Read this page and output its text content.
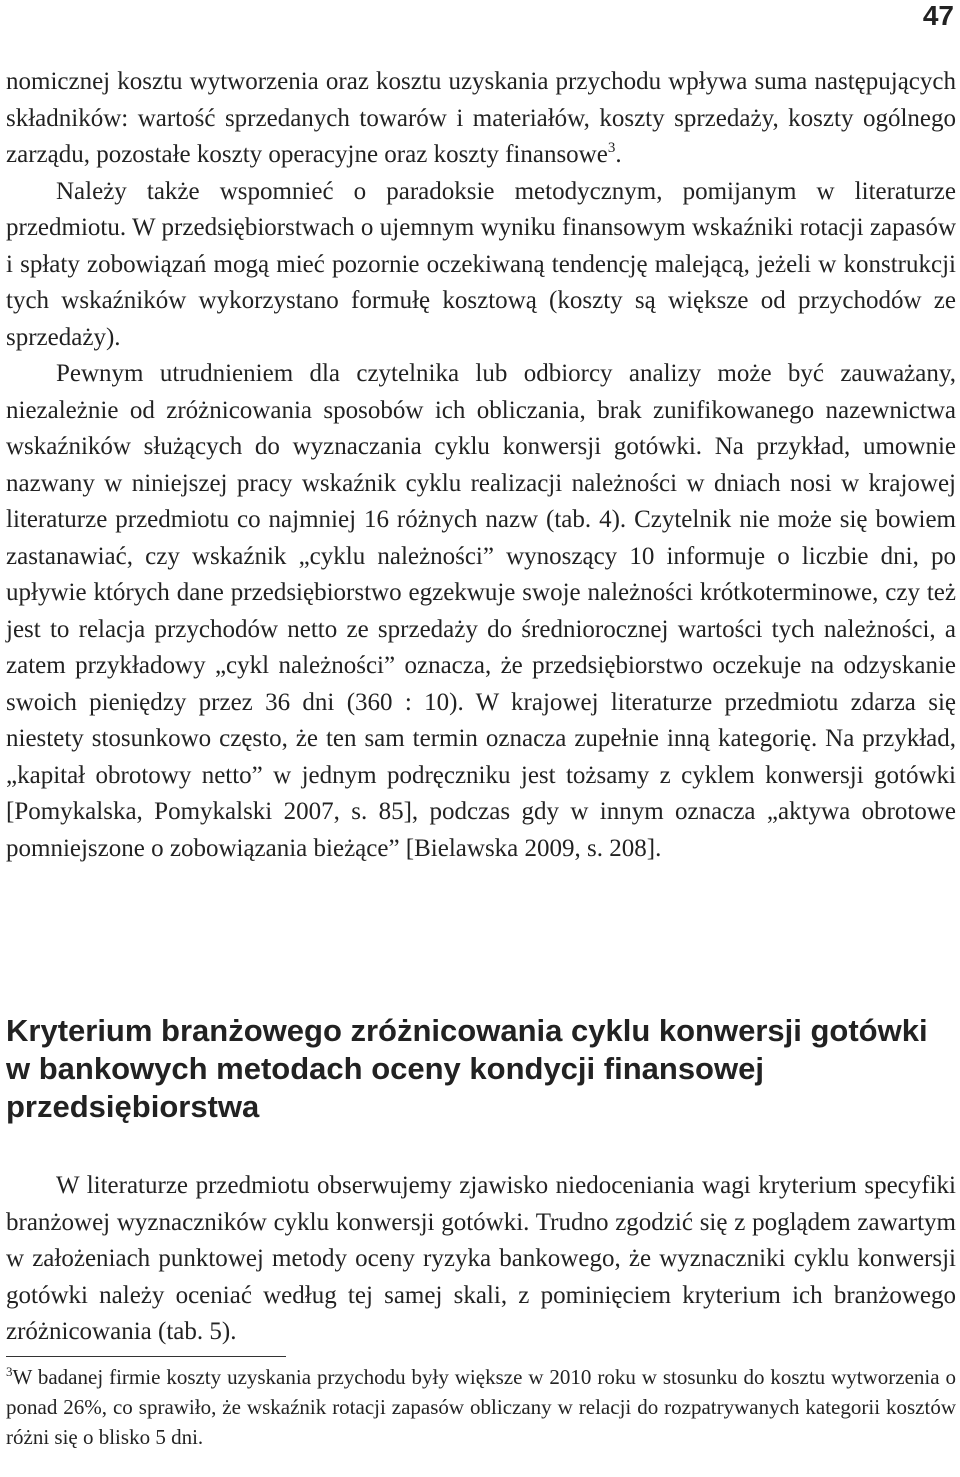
47

nomicznej kosztu wytworzenia oraz kosztu uzyskania przychodu wpływa suma następujących składników: wartość sprzedanych towarów i materiałów, koszty sprzedaży, koszty ogólnego zarządu, pozostałe koszty operacyjne oraz koszty finansowe$^3$.

Należy także wspomnieć o paradoksie metodycznym, pomijanym w literaturze przedmiotu. W przedsiębiorstwach o ujemnym wyniku finansowym wskaźniki rotacji zapasów i spłaty zobowiązań mogą mieć pozornie oczekiwaną tendencję malejącą, jeżeli w konstrukcji tych wskaźników wykorzystano formułę kosztową (koszty są większe od przychodów ze sprzedaży).

Pewnym utrudnieniem dla czytelnika lub odbiorcy analizy może być zauważany, niezależnie od zróżnicowania sposobów ich obliczania, brak zunifikowanego nazewnictwa wskaźników służących do wyznaczania cyklu konwersji gotówki. Na przykład, umownie nazwany w niniejszej pracy wskaźnik cyklu realizacji należności w dniach nosi w krajowej literaturze przedmiotu co najmniej 16 różnych nazw (tab. 4). Czytelnik nie może się bowiem zastanawiać, czy wskaźnik „cyklu należności” wynoszący 10 informuje o liczbie dni, po upływie których dane przedsiębiorstwo egzekwuje swoje należności krótkoterminowe, czy też jest to relacja przychodów netto ze sprzedaży do średniorocznej wartości tych należności, a zatem przykładowy „cykl należności” oznacza, że przedsiębiorstwo oczekuje na odzyskanie swoich pieniędzy przez 36 dni (360 : 10). W krajowej literaturze przedmiotu zdarza się niestety stosunkowo często, że ten sam termin oznacza zupełnie inną kategorię. Na przykład, „kapitał obrotowy netto” w jednym podręczniku jest tożsamy z cyklem konwersji gotówki [Pomykalska, Pomykalski 2007, s. 85], podczas gdy w innym oznacza „aktywa obrotowe pomniejszone o zobowiązania bieżące” [Bielawska 2009, s. 208].

Kryterium branżowego zróżnicowania cyklu konwersji gotówki w bankowych metodach oceny kondycji finansowej przedsiębiorstwa

W literaturze przedmiotu obserwujemy zjawisko niedoceniania wagi kryterium specyfiki branżowej wyznaczników cyklu konwersji gotówki. Trudno zgodzić się z poglądem zawartym w założeniach punktowej metody oceny ryzyka bankowego, że wyznaczniki cyklu konwersji gotówki należy oceniać według tej samej skali, z pominięciem kryterium ich branżowego zróżnicowania (tab. 5).

$^3$W badanej firmie koszty uzyskania przychodu były większe w 2010 roku w stosunku do kosztu wytworzenia o ponad 26%, co sprawiło, że wskaźnik rotacji zapasów obliczany w relacji do rozpatrywanych kategorii kosztów różni się o blisko 5 dni.
